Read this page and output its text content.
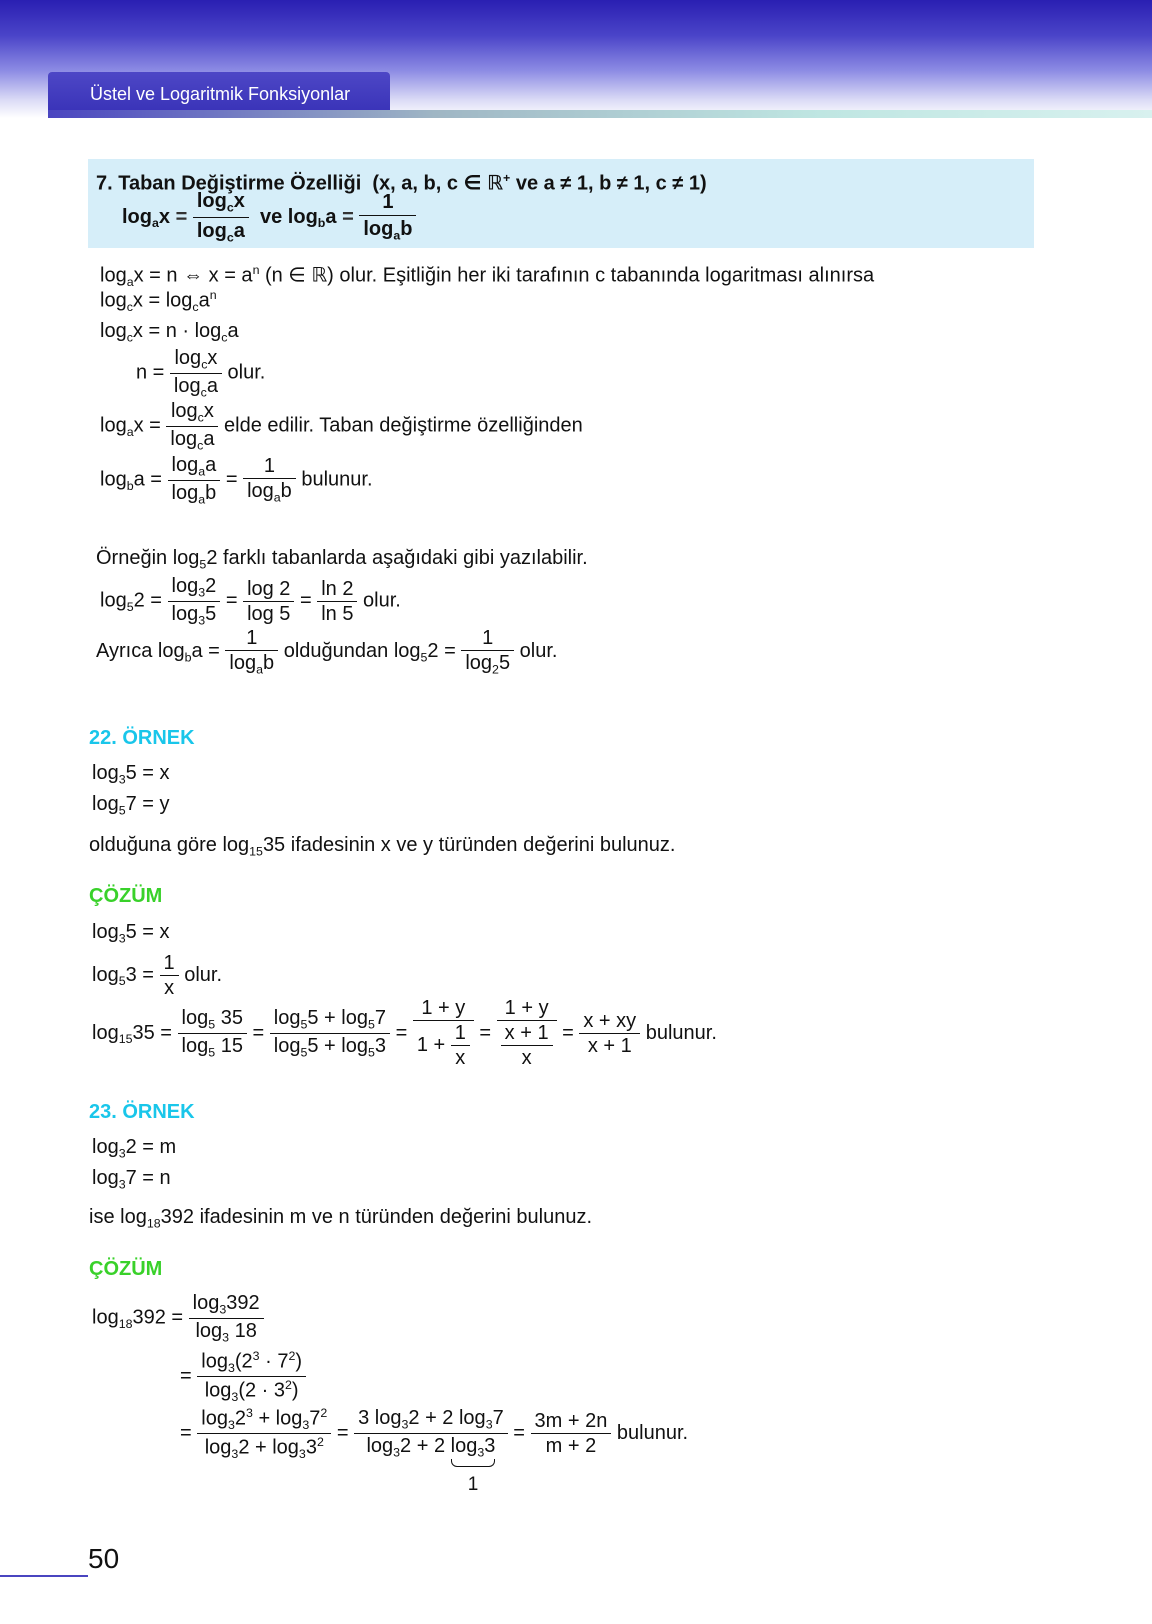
Üstel ve Logaritmik Fonksiyonlar
7. Taban Değiştirme Özelliği (x, a, b, c ∈ ℝ+ ve a ≠ 1, b ≠ 1, c ≠ 1)
$\log_ax = \frac{\log_cx}{\log_ca}$ ve $\log_ba = \frac{1}{\log_ab}$
$\log_ax = n$ ⇔ $x = a^n$ (n ∈ ℝ) olur. Eşitliğin her iki tarafının c tabanında logaritması alınırsa
$\log_cx = \log_ca^n$
$\log_cx = n \cdot \log_ca$
$n = \frac{\log_cx}{\log_ca}$ olur.
$\log_ax = \frac{\log_cx}{\log_ca}$ elde edilir. Taban değiştirme özelliğinden
$\log_ba = \frac{\log_aa}{\log_ab} = \frac{1}{\log_ab}$ bulunur.
Örneğin $\log_52$ farklı tabanlarda aşağıdaki gibi yazılabilir.
$\log_52 = \frac{\log_32}{\log_35} = \frac{\log 2}{\log 5} = \frac{\ln 2}{\ln 5}$ olur.
Ayrıca $\log_ba = \frac{1}{\log_ab}$ olduğundan $\log_52 = \frac{1}{\log_25}$ olur.
22. ÖRNEK
$\log_35 = x$
$\log_57 = y$
olduğuna göre $\log_{15}35$ ifadesinin x ve y türünden değerini bulunuz.
ÇÖZÜM
$\log_35 = x$
$\log_53 = \frac{1}{x}$ olur.
$\log_{15}35 = \frac{\log_5 35}{\log_5 15} = \frac{\log_55 + \log_57}{\log_55 + \log_53} = \frac{1 + y}{1 + \frac{1}{x}} = \frac{1 + y}{\frac{x + 1}{x}} = \frac{x + xy}{x + 1}$ bulunur.
23. ÖRNEK
$\log_32 = m$
$\log_37 = n$
ise $\log_{18}392$ ifadesinin m ve n türünden değerini bulunuz.
ÇÖZÜM
$\log_{18}392 = \frac{\log_3392}{\log_3 18}$
= $\frac{\log_3(2^3 \cdot 7^2)}{\log_3(2 \cdot 3^2)}$
= $\frac{\log_32^3 + \log_37^2}{\log_32 + \log_33^2} = 3$ $\log_32 + 2$ $\log_37$
$\log_32 + 2$ $\log_33$
$1 = \frac{3m + 2n}{m + 2}$ bulunur.
50
